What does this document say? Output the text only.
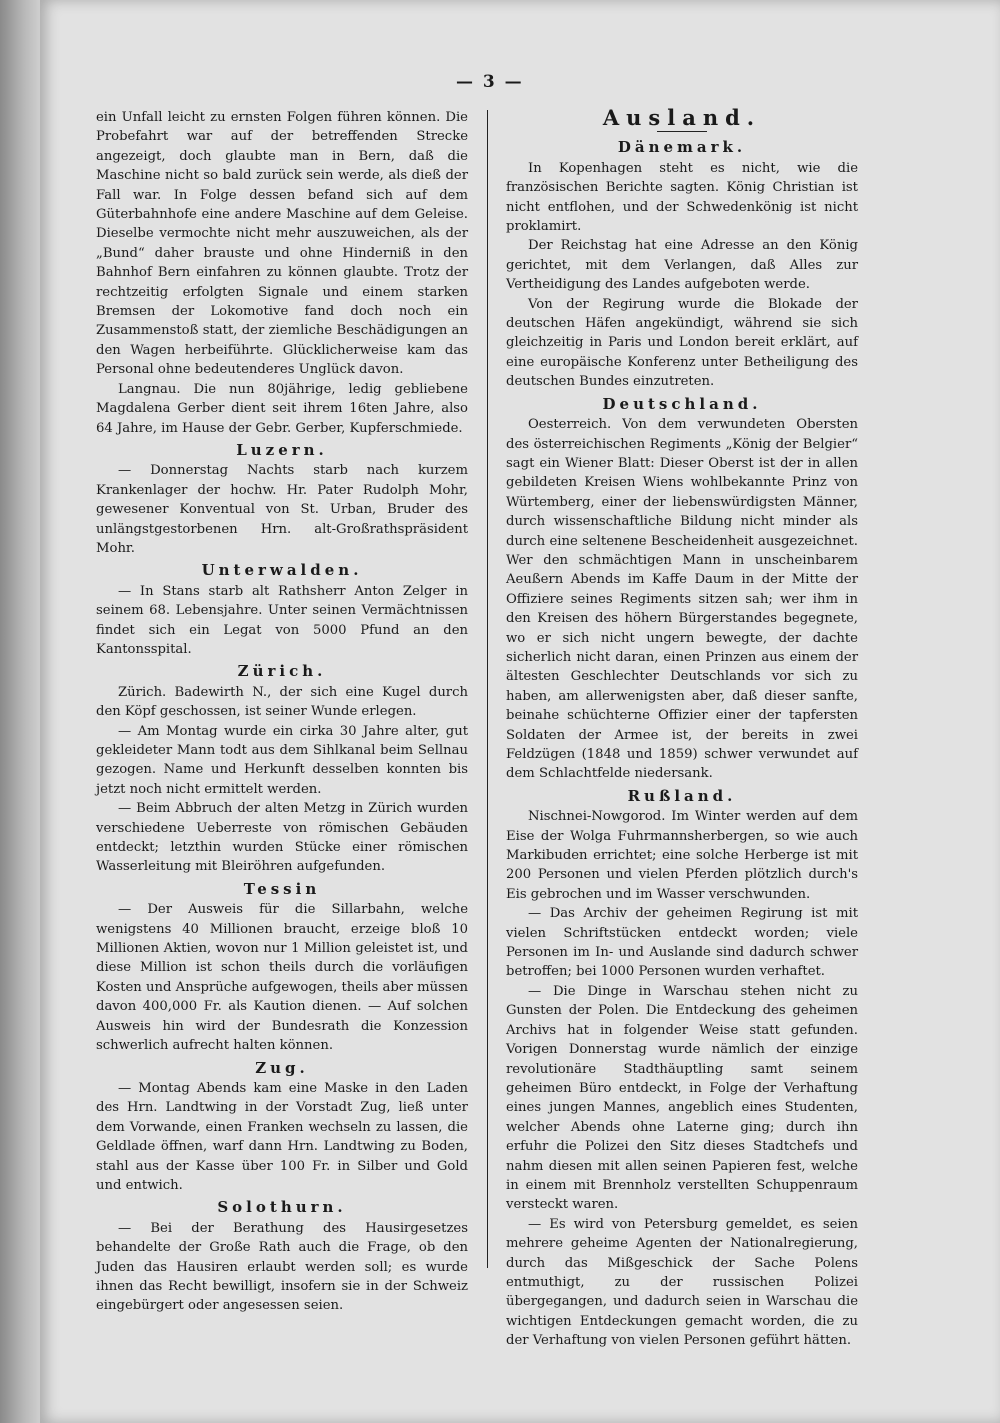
— 3 —

ein Unfall leicht zu ernsten Folgen führen können. Die Probefahrt war auf der betreffenden Strecke angezeigt, doch glaubte man in Bern, daß die Maschine nicht so bald zurück sein werde, als dieß der Fall war. In Folge dessen befand sich auf dem Güterbahnhofe eine andere Maschine auf dem Geleise. Dieselbe vermochte nicht mehr auszuweichen, als der „Bund“ daher brauste und ohne Hinderniß in den Bahnhof Bern einfahren zu können glaubte. Trotz der rechtzeitig erfolgten Signale und einem starken Bremsen der Lokomotive fand doch noch ein Zusammenstoß statt, der ziemliche Beschädigungen an den Wagen herbeiführte. Glücklicherweise kam das Personal ohne bedeutenderes Unglück davon.

Langnau. Die nun 80jährige, ledig gebliebene Magdalena Gerber dient seit ihrem 16ten Jahre, also 64 Jahre, im Hause der Gebr. Gerber, Kupferschmiede.

Luzern.

— Donnerstag Nachts starb nach kurzem Krankenlager der hochw. Hr. Pater Rudolph Mohr, gewesener Konventual von St. Urban, Bruder des unlängstgestorbenen Hrn. alt-Großrathspräsident Mohr.

Unterwalden.

— In Stans starb alt Rathsherr Anton Zelger in seinem 68. Lebensjahre. Unter seinen Vermächtnissen findet sich ein Legat von 5000 Pfund an den Kantonsspital.

Zürich.

Zürich. Badewirth N., der sich eine Kugel durch den Köpf geschossen, ist seiner Wunde erlegen.

— Am Montag wurde ein cirka 30 Jahre alter, gut gekleideter Mann todt aus dem Sihlkanal beim Sellnau gezogen. Name und Herkunft desselben konnten bis jetzt noch nicht ermittelt werden.

— Beim Abbruch der alten Metzg in Zürich wurden verschiedene Ueberreste von römischen Gebäuden entdeckt; letzthin wurden Stücke einer römischen Wasserleitung mit Bleiröhren aufgefunden.

Tessin

— Der Ausweis für die Sillarbahn, welche wenigstens 40 Millionen braucht, erzeige bloß 10 Millionen Aktien, wovon nur 1 Million geleistet ist, und diese Million ist schon theils durch die vorläufigen Kosten und Ansprüche aufgewogen, theils aber müssen davon 400,000 Fr. als Kaution dienen. — Auf solchen Ausweis hin wird der Bundesrath die Konzession schwerlich aufrecht halten können.

Zug.

— Montag Abends kam eine Maske in den Laden des Hrn. Landtwing in der Vorstadt Zug, ließ unter dem Vorwande, einen Franken wechseln zu lassen, die Geldlade öffnen, warf dann Hrn. Landtwing zu Boden, stahl aus der Kasse über 100 Fr. in Silber und Gold und entwich.

Solothurn.

— Bei der Berathung des Hausirgesetzes behandelte der Große Rath auch die Frage, ob den Juden das Hausiren erlaubt werden soll; es wurde ihnen das Recht bewilligt, insofern sie in der Schweiz eingebürgert oder angesessen seien.

Ausland.
Dänemark.

In Kopenhagen steht es nicht, wie die französischen Berichte sagten. König Christian ist nicht entflohen, und der Schwedenkönig ist nicht proklamirt.

Der Reichstag hat eine Adresse an den König gerichtet, mit dem Verlangen, daß Alles zur Vertheidigung des Landes aufgeboten werde.

Von der Regirung wurde die Blokade der deutschen Häfen angekündigt, während sie sich gleichzeitig in Paris und London bereit erklärt, auf eine europäische Konferenz unter Betheiligung des deutschen Bundes einzutreten.

Deutschland.

Oesterreich. Von dem verwundeten Obersten des österreichischen Regiments „König der Belgier“ sagt ein Wiener Blatt: Dieser Oberst ist der in allen gebildeten Kreisen Wiens wohlbekannte Prinz von Würtemberg, einer der liebenswürdigsten Männer, durch wissenschaftliche Bildung nicht minder als durch eine seltenene Bescheidenheit ausgezeichnet. Wer den schmächtigen Mann in unscheinbarem Aeußern Abends im Kaffe Daum in der Mitte der Offiziere seines Regiments sitzen sah; wer ihm in den Kreisen des höhern Bürgerstandes begegnete, wo er sich nicht ungern bewegte, der dachte sicherlich nicht daran, einen Prinzen aus einem der ältesten Geschlechter Deutschlands vor sich zu haben, am allerwenigsten aber, daß dieser sanfte, beinahe schüchterne Offizier einer der tapfersten Soldaten der Armee ist, der bereits in zwei Feldzügen (1848 und 1859) schwer verwundet auf dem Schlachtfelde niedersank.

Rußland.

Nischnei-Nowgorod. Im Winter werden auf dem Eise der Wolga Fuhrmannsherbergen, so wie auch Markibuden errichtet; eine solche Herberge ist mit 200 Personen und vielen Pferden plötzlich durch's Eis gebrochen und im Wasser verschwunden.

— Das Archiv der geheimen Regirung ist mit vielen Schriftstücken entdeckt worden; viele Personen im In- und Auslande sind dadurch schwer betroffen; bei 1000 Personen wurden verhaftet.

— Die Dinge in Warschau stehen nicht zu Gunsten der Polen. Die Entdeckung des geheimen Archivs hat in folgender Weise statt gefunden. Vorigen Donnerstag wurde nämlich der einzige revolutionäre Stadthäuptling samt seinem geheimen Büro entdeckt, in Folge der Verhaftung eines jungen Mannes, angeblich eines Studenten, welcher Abends ohne Laterne ging; durch ihn erfuhr die Polizei den Sitz dieses Stadtchefs und nahm diesen mit allen seinen Papieren fest, welche in einem mit Brennholz verstellten Schuppenraum versteckt waren.

— Es wird von Petersburg gemeldet, es seien mehrere geheime Agenten der Nationalregierung, durch das Mißgeschick der Sache Polens entmuthigt, zu der russischen Polizei übergegangen, und dadurch seien in Warschau die wichtigen Entdeckungen gemacht worden, die zu der Verhaftung von vielen Personen geführt hätten.
